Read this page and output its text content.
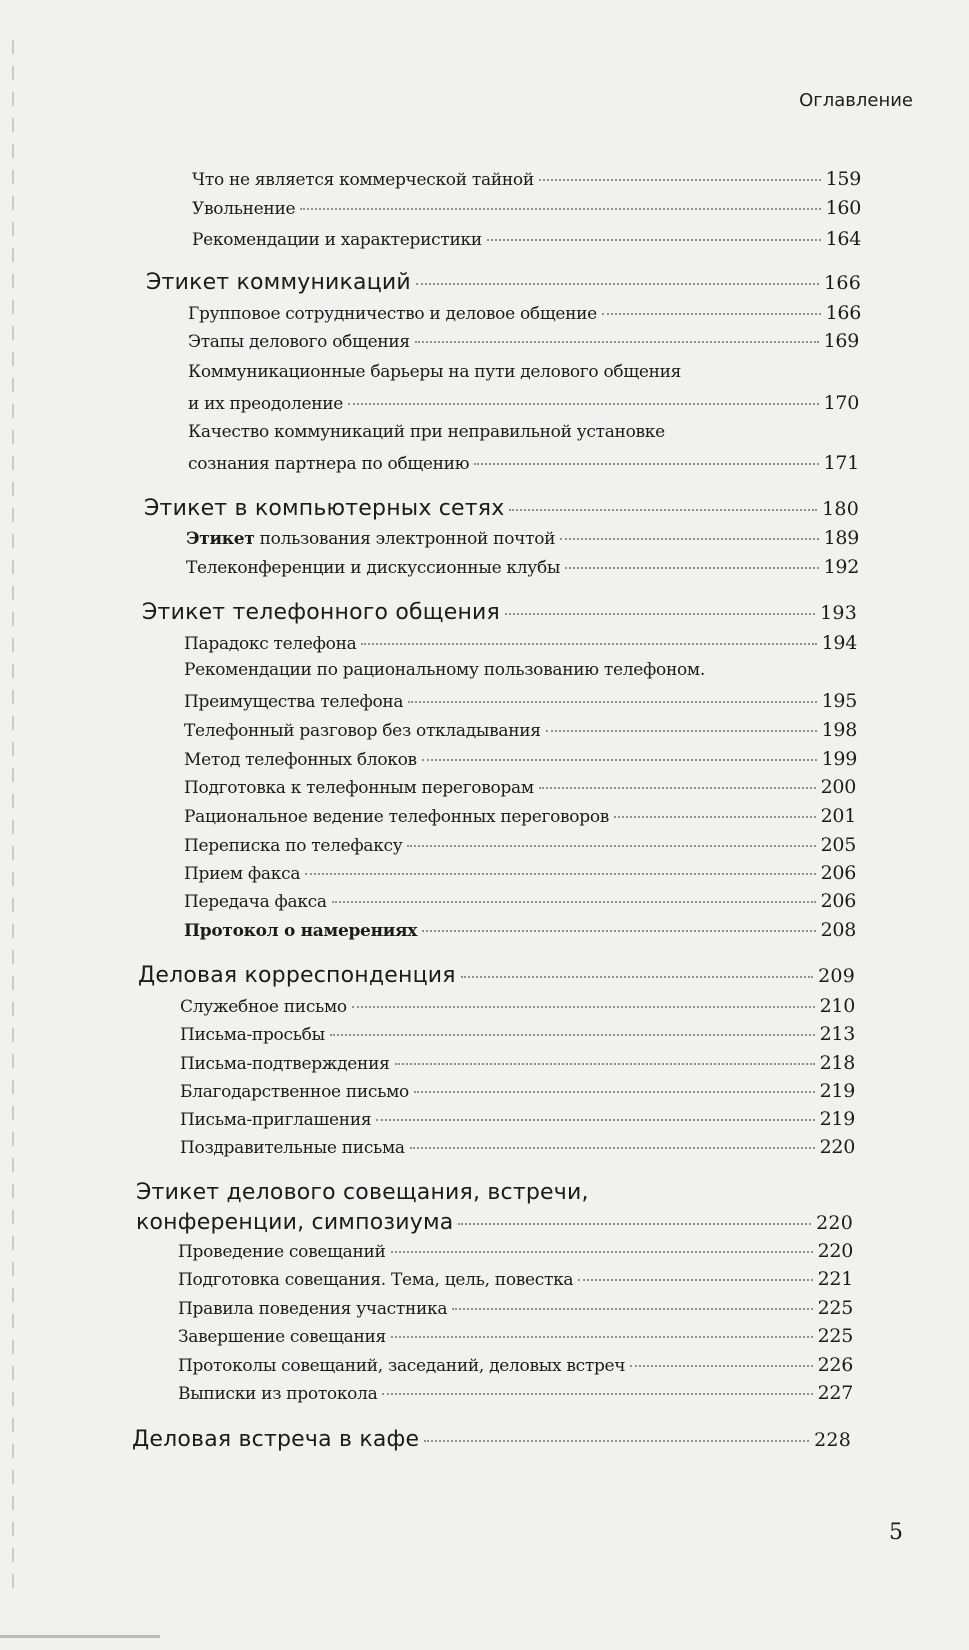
Оглавление
Что не является коммерческой тайной	159
Увольнение	160
Рекомендации и характеристики	164
Этикет коммуникаций	166
Групповое сотрудничество и деловое общение	166
Этапы делового общения	169
Коммуникационные барьеры на пути делового общения
и их преодоление	170
Качество коммуникаций при неправильной установке
сознания партнера по общению	171
Этикет в компьютерных сетях	180
Этикет пользования электронной почтой	189
Телеконференции и дискуссионные клубы	192
Этикет телефонного общения	193
Парадокс телефона	194
Рекомендации по рациональному пользованию телефоном.
Преимущества телефона	195
Телефонный разговор без откладывания	198
Метод телефонных блоков	199
Подготовка к телефонным переговорам	200
Рациональное ведение телефонных переговоров	201
Переписка по телефаксу	205
Прием факса	206
Передача факса	206
Протокол о намерениях	208
Деловая корреспонденция	209
Служебное письмо	210
Письма-просьбы	213
Письма-подтверждения	218
Благодарственное письмо	219
Письма-приглашения	219
Поздравительные письма	220
Этикет делового совещания, встречи,
конференции, симпозиума	220
Проведение совещаний	220
Подготовка совещания. Тема, цель, повестка	221
Правила поведения участника	225
Завершение совещания	225
Протоколы совещаний, заседаний, деловых встреч	226
Выписки из протокола	227
Деловая встреча в кафе	228
5
